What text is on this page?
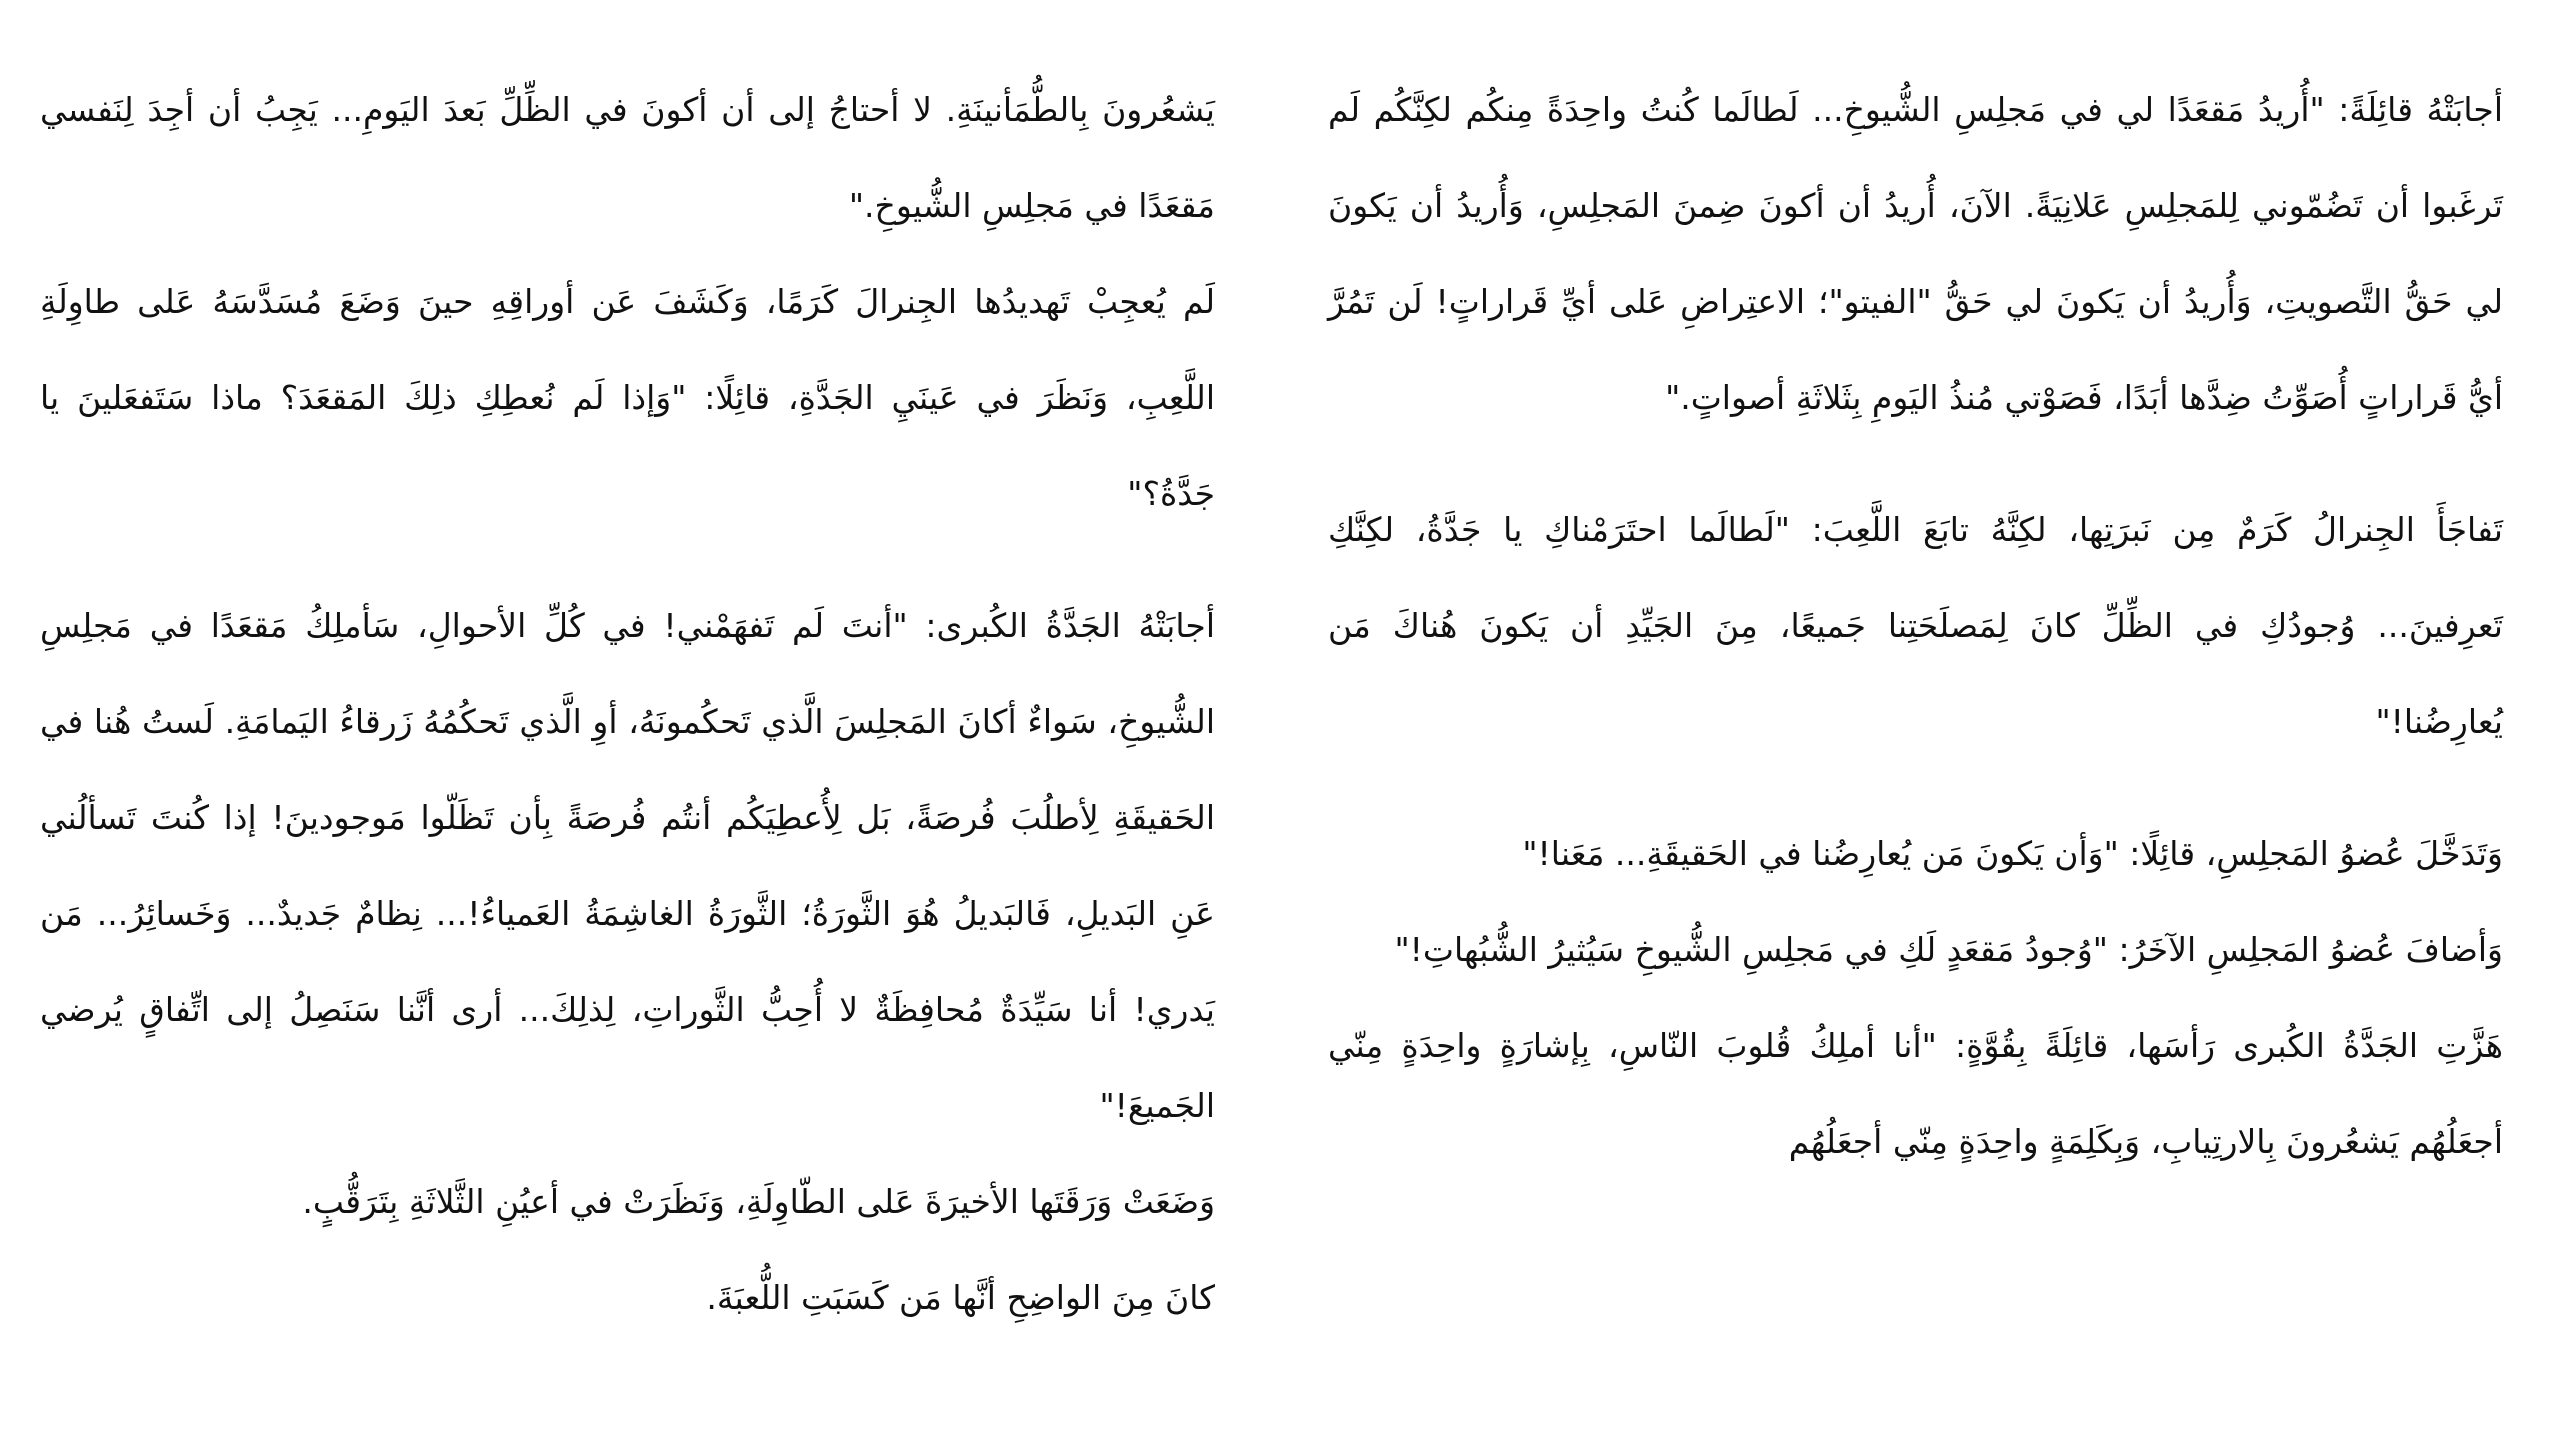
أجابَتْهُ قائِلَةً: "أُريدُ مَقعَدًا لي في مَجلِسِ الشُّيوخِ... لَطالَما كُنتُ واحِدَةً مِنكُم لكِنَّكُم لَم تَرغَبوا أن تَضُمّوني لِلمَجلِسِ عَلانِيَةً. الآنَ، أُريدُ أن أكونَ ضِمنَ المَجلِسِ، وَأُريدُ أن يَكونَ لي حَقُّ التَّصويتِ، وَأُريدُ أن يَكونَ لي حَقُّ "الفيتو"؛ الاعتِراضِ عَلى أيِّ قَراراتٍ! لَن تَمُرَّ أيُّ قَراراتٍ أُصَوِّتُ ضِدَّها أبَدًا، فَصَوْتي مُنذُ اليَومِ بِثَلاثَةِ أصواتٍ."

تَفاجَأَ الجِنرالُ كَرَمٌ مِن نَبرَتِها، لكِنَّهُ تابَعَ اللَّعِبَ: "لَطالَما احتَرَمْناكِ يا جَدَّةُ، لكِنَّكِ تَعرِفينَ... وُجودُكِ في الظِّلِّ كانَ لِمَصلَحَتِنا جَميعًا، مِنَ الجَيِّدِ أن يَكونَ هُناكَ مَن يُعارِضُنا!"

وَتَدَخَّلَ عُضوُ المَجلِسِ، قائِلًا: "وَأن يَكونَ مَن يُعارِضُنا في الحَقيقَةِ... مَعَنا!"

وَأضافَ عُضوُ المَجلِسِ الآخَرُ: "وُجودُ مَقعَدٍ لَكِ في مَجلِسِ الشُّيوخِ سَيُثيرُ الشُّبُهاتِ!"

هَزَّتِ الجَدَّةُ الكُبرى رَأسَها، قائِلَةً بِقُوَّةٍ: "أنا أملِكُ قُلوبَ النّاسِ، بِإشارَةٍ واحِدَةٍ مِنّي أجعَلُهُم يَشعُرونَ بِالارتِيابِ، وَبِكَلِمَةٍ واحِدَةٍ مِنّي أجعَلُهُم

يَشعُرونَ بِالطُّمَأنينَةِ. لا أحتاجُ إلى أن أكونَ في الظِّلِّ بَعدَ اليَومِ... يَجِبُ أن أجِدَ لِنَفسي مَقعَدًا في مَجلِسِ الشُّيوخِ."

لَم يُعجِبْ تَهديدُها الجِنرالَ كَرَمًا، وَكَشَفَ عَن أوراقِهِ حينَ وَضَعَ مُسَدَّسَهُ عَلى طاوِلَةِ اللَّعِبِ، وَنَظَرَ في عَينَيِ الجَدَّةِ، قائِلًا: "وَإذا لَم نُعطِكِ ذلِكَ المَقعَدَ؟ ماذا سَتَفعَلينَ يا جَدَّةُ؟"

أجابَتْهُ الجَدَّةُ الكُبرى: "أنتَ لَم تَفهَمْني! في كُلِّ الأحوالِ، سَأملِكُ مَقعَدًا في مَجلِسِ الشُّيوخِ، سَواءٌ أكانَ المَجلِسَ الَّذي تَحكُمونَهُ، أوِ الَّذي تَحكُمُهُ زَرقاءُ اليَمامَةِ. لَستُ هُنا في الحَقيقَةِ لِأطلُبَ فُرصَةً، بَل لِأُعطِيَكُم أنتُم فُرصَةً بِأن تَظَلّوا مَوجودينَ! إذا كُنتَ تَسألُني عَنِ البَديلِ، فَالبَديلُ هُوَ الثَّورَةُ؛ الثَّورَةُ الغاشِمَةُ العَمياءُ!... نِظامٌ جَديدٌ... وَخَسائِرُ... مَن يَدري! أنا سَيِّدَةٌ مُحافِظَةٌ لا أُحِبُّ الثَّوراتِ، لِذلِكَ... أرى أنَّنا سَنَصِلُ إلى اتِّفاقٍ يُرضي الجَميعَ!"

وَضَعَتْ وَرَقَتَها الأخيرَةَ عَلى الطّاوِلَةِ، وَنَظَرَتْ في أعيُنِ الثَّلاثَةِ بِتَرَقُّبٍ.

كانَ مِنَ الواضِحِ أنَّها مَن كَسَبَتِ اللُّعبَةَ.
